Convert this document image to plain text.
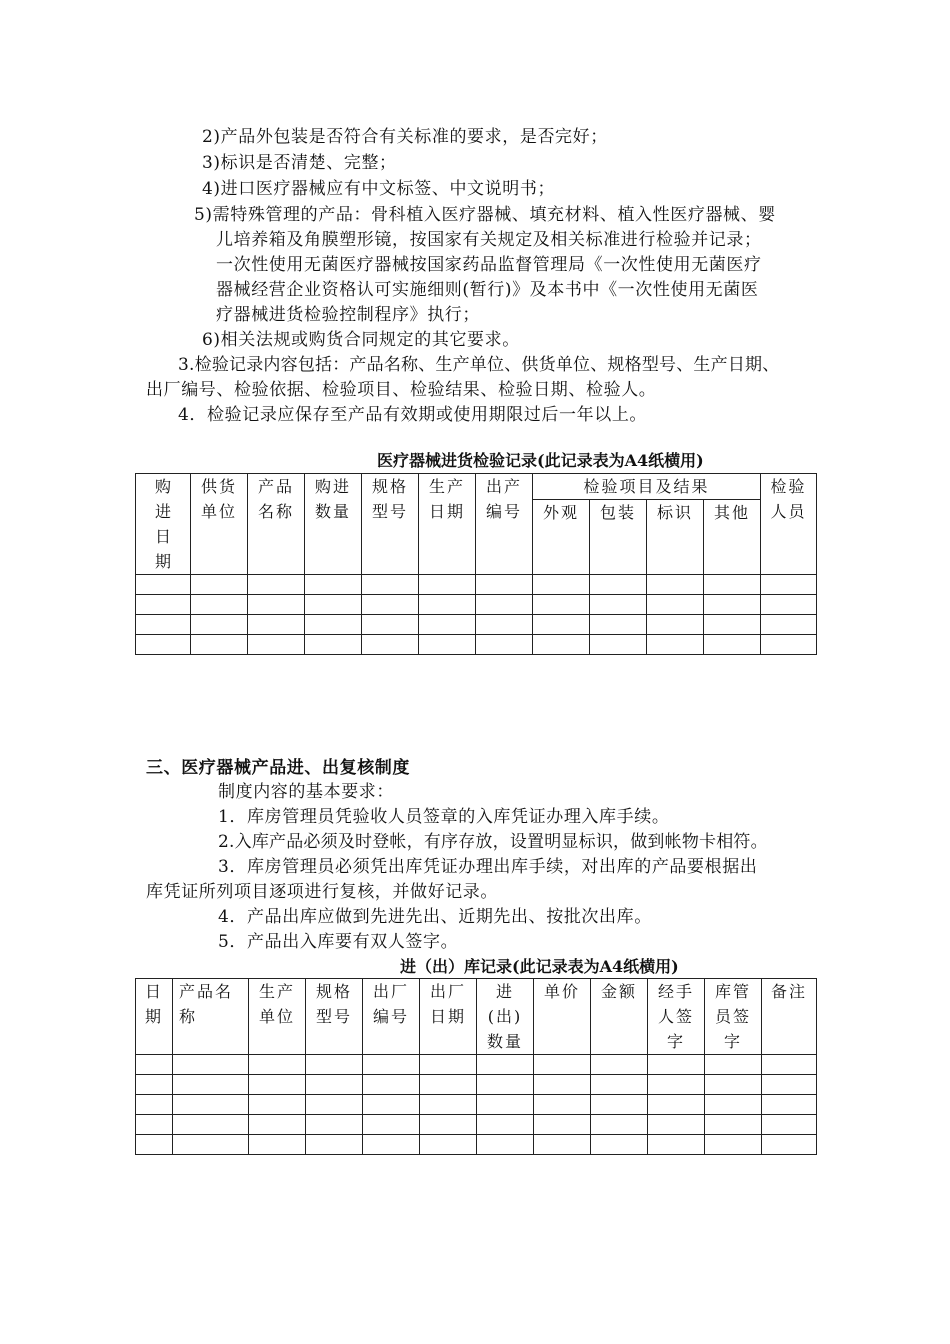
2)产品外包装是否符合有关标准的要求，是否完好；
3)标识是否清楚、完整；
4)进口医疗器械应有中文标签、中文说明书；
5)需特殊管理的产品：骨科植入医疗器械、填充材料、植入性医疗器械、婴
儿培养箱及角膜塑形镜，按国家有关规定及相关标准进行检验并记录；
一次性使用无菌医疗器械按国家药品监督管理局《一次性使用无菌医疗
器械经营企业资格认可实施细则(暂行)》及本书中《一次性使用无菌医
疗器械进货检验控制程序》执行；
6)相关法规或购货合同规定的其它要求。
3.检验记录内容包括：产品名称、生产单位、供货单位、规格型号、生产日期、
出厂编号、检验依据、检验项目、检验结果、检验日期、检验人。
4．检验记录应保存至产品有效期或使用期限过后一年以上。
医疗器械进货检验记录(此记录表为A4纸横用)
购进日期	供货单位	产品名称	购进数量	规格型号	生产日期	出产编号	检验项目及结果				检验人员

							外观	包装	标识	其他	

三、医疗器械产品进、出复核制度
制度内容的基本要求：
1．库房管理员凭验收人员签章的入库凭证办理入库手续。
2.入库产品必须及时登帐，有序存放，设置明显标识，做到帐物卡相符。
3．库房管理员必须凭出库凭证办理出库手续，对出库的产品要根据出
库凭证所列项目逐项进行复核，并做好记录。
4．产品出库应做到先进先出、近期先出、按批次出库。
5．产品出入库要有双人签字。
进（出）库记录(此记录表为A4纸横用)
日期	产品名称	生产单位	规格型号	出厂编号	出厂日期	进(出)数量	单价	金额	经手人签字	库管员签字	备注
